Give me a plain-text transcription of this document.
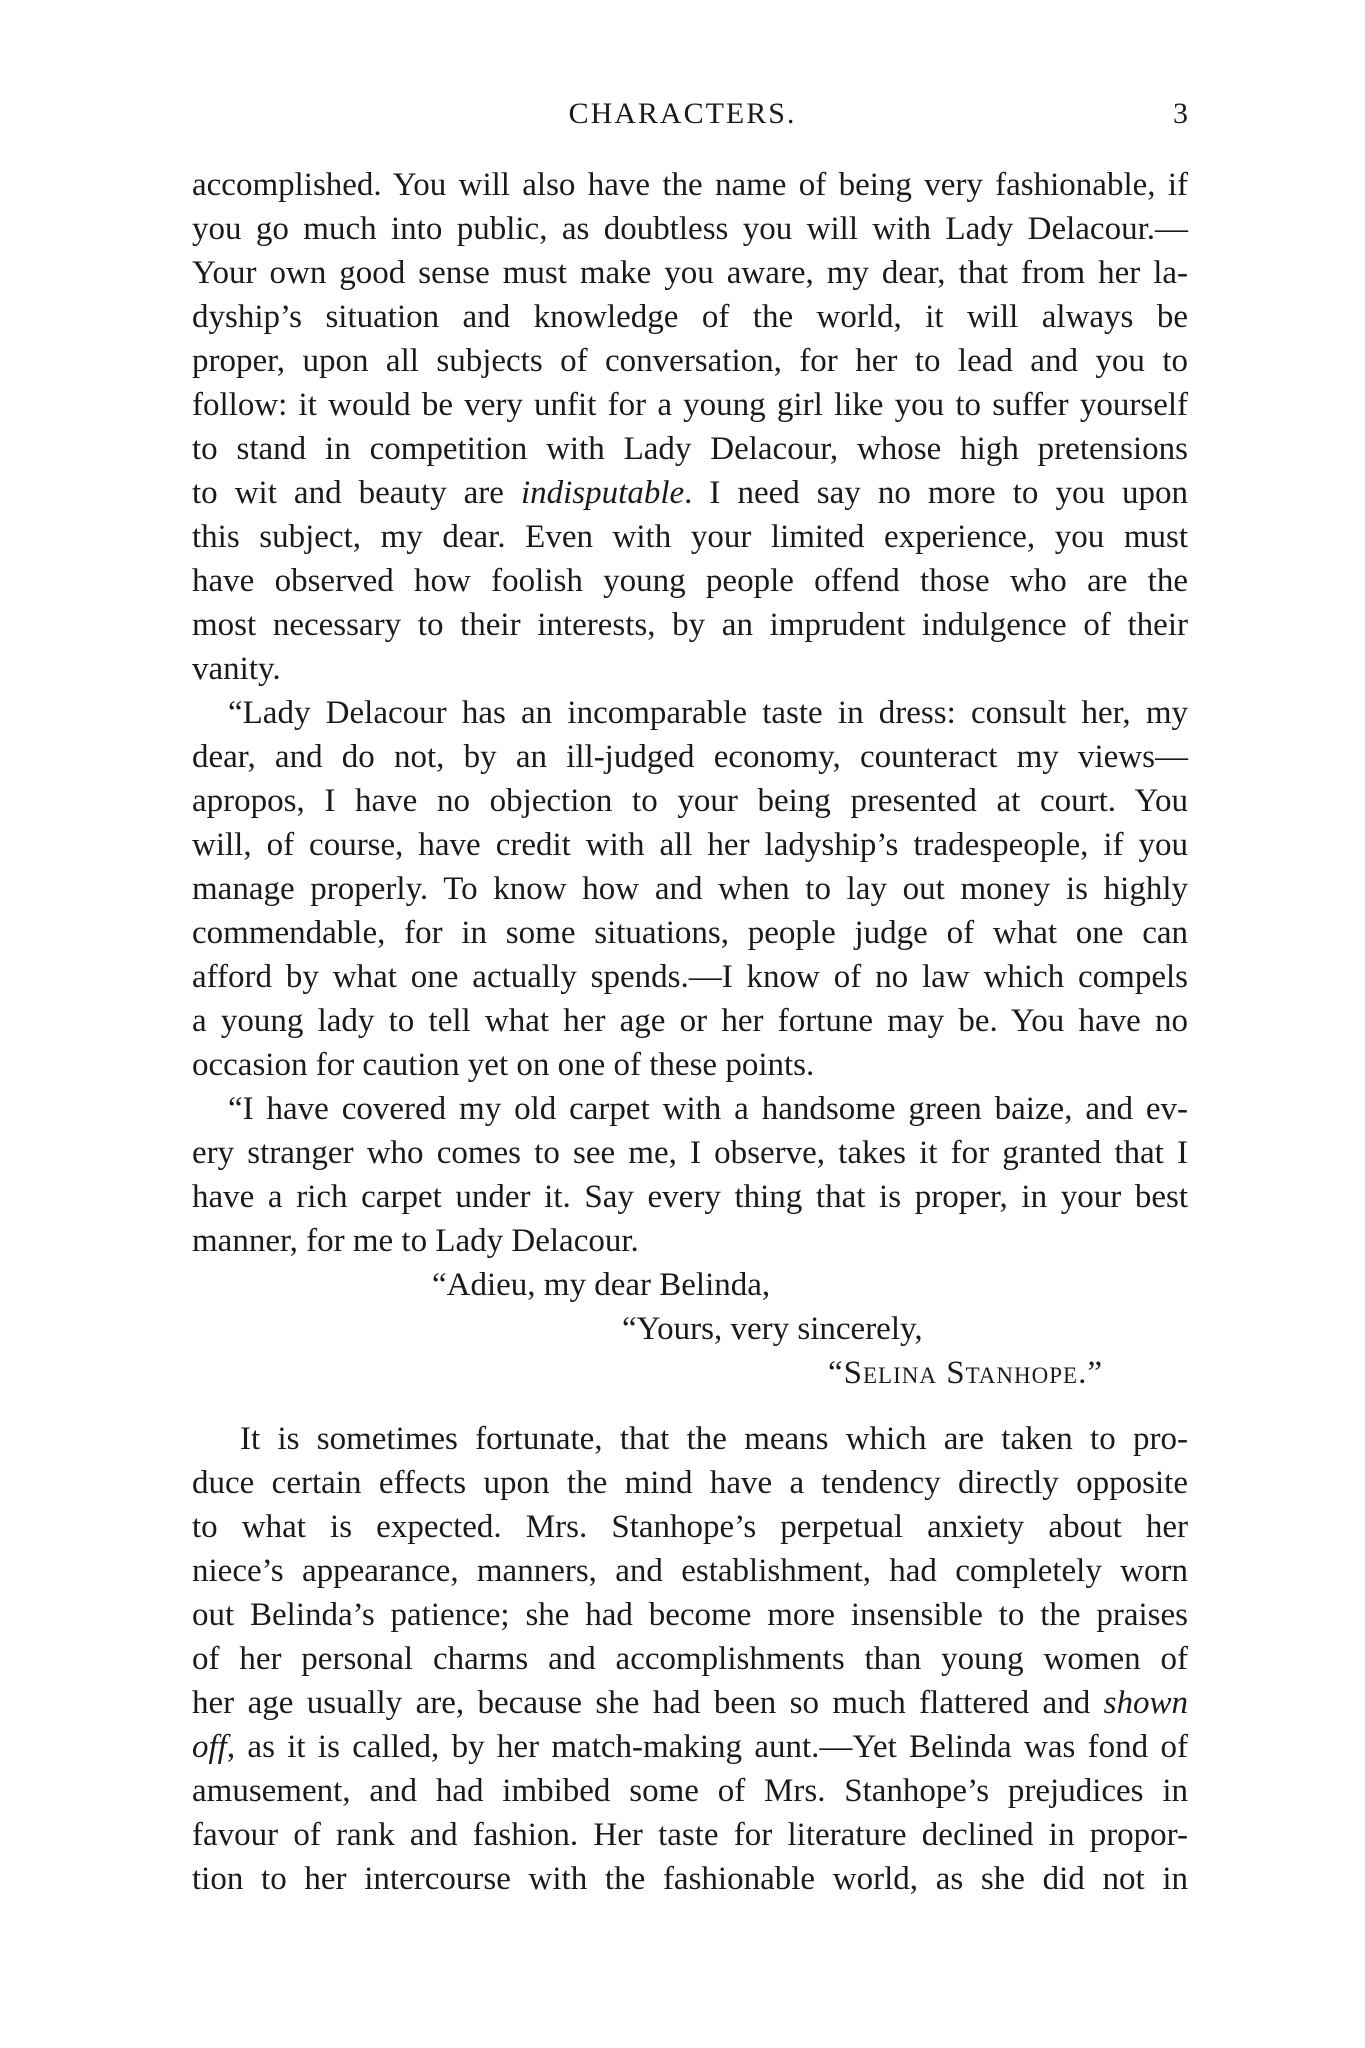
CHARACTERS.	3
accomplished. You will also have the name of being very fashionable, if
you go much into public, as doubtless you will with Lady Delacour.—
Your own good sense must make you aware, my dear, that from her la-
dyship’s situation and knowledge of the world, it will always be
proper, upon all subjects of conversation, for her to lead and you to
follow: it would be very unfit for a young girl like you to suffer yourself
to stand in competition with Lady Delacour, whose high pretensions
to wit and beauty are indisputable. I need say no more to you upon
this subject, my dear. Even with your limited experience, you must
have observed how foolish young people offend those who are the
most necessary to their interests, by an imprudent indulgence of their
vanity.
“Lady Delacour has an incomparable taste in dress: consult her, my
dear, and do not, by an ill-judged economy, counteract my views—
apropos, I have no objection to your being presented at court. You
will, of course, have credit with all her ladyship’s tradespeople, if you
manage properly. To know how and when to lay out money is highly
commendable, for in some situations, people judge of what one can
afford by what one actually spends.—I know of no law which compels
a young lady to tell what her age or her fortune may be. You have no
occasion for caution yet on one of these points.
“I have covered my old carpet with a handsome green baize, and ev-
ery stranger who comes to see me, I observe, takes it for granted that I
have a rich carpet under it. Say every thing that is proper, in your best
manner, for me to Lady Delacour.
“Adieu, my dear Belinda,
“Yours, very sincerely,
“Selina Stanhope.”
It is sometimes fortunate, that the means which are taken to pro-
duce certain effects upon the mind have a tendency directly opposite
to what is expected. Mrs. Stanhope’s perpetual anxiety about her
niece’s appearance, manners, and establishment, had completely worn
out Belinda’s patience; she had become more insensible to the praises
of her personal charms and accomplishments than young women of
her age usually are, because she had been so much flattered and shown
off, as it is called, by her match-making aunt.—Yet Belinda was fond of
amusement, and had imbibed some of Mrs. Stanhope’s prejudices in
favour of rank and fashion. Her taste for literature declined in propor-
tion to her intercourse with the fashionable world, as she did not in
